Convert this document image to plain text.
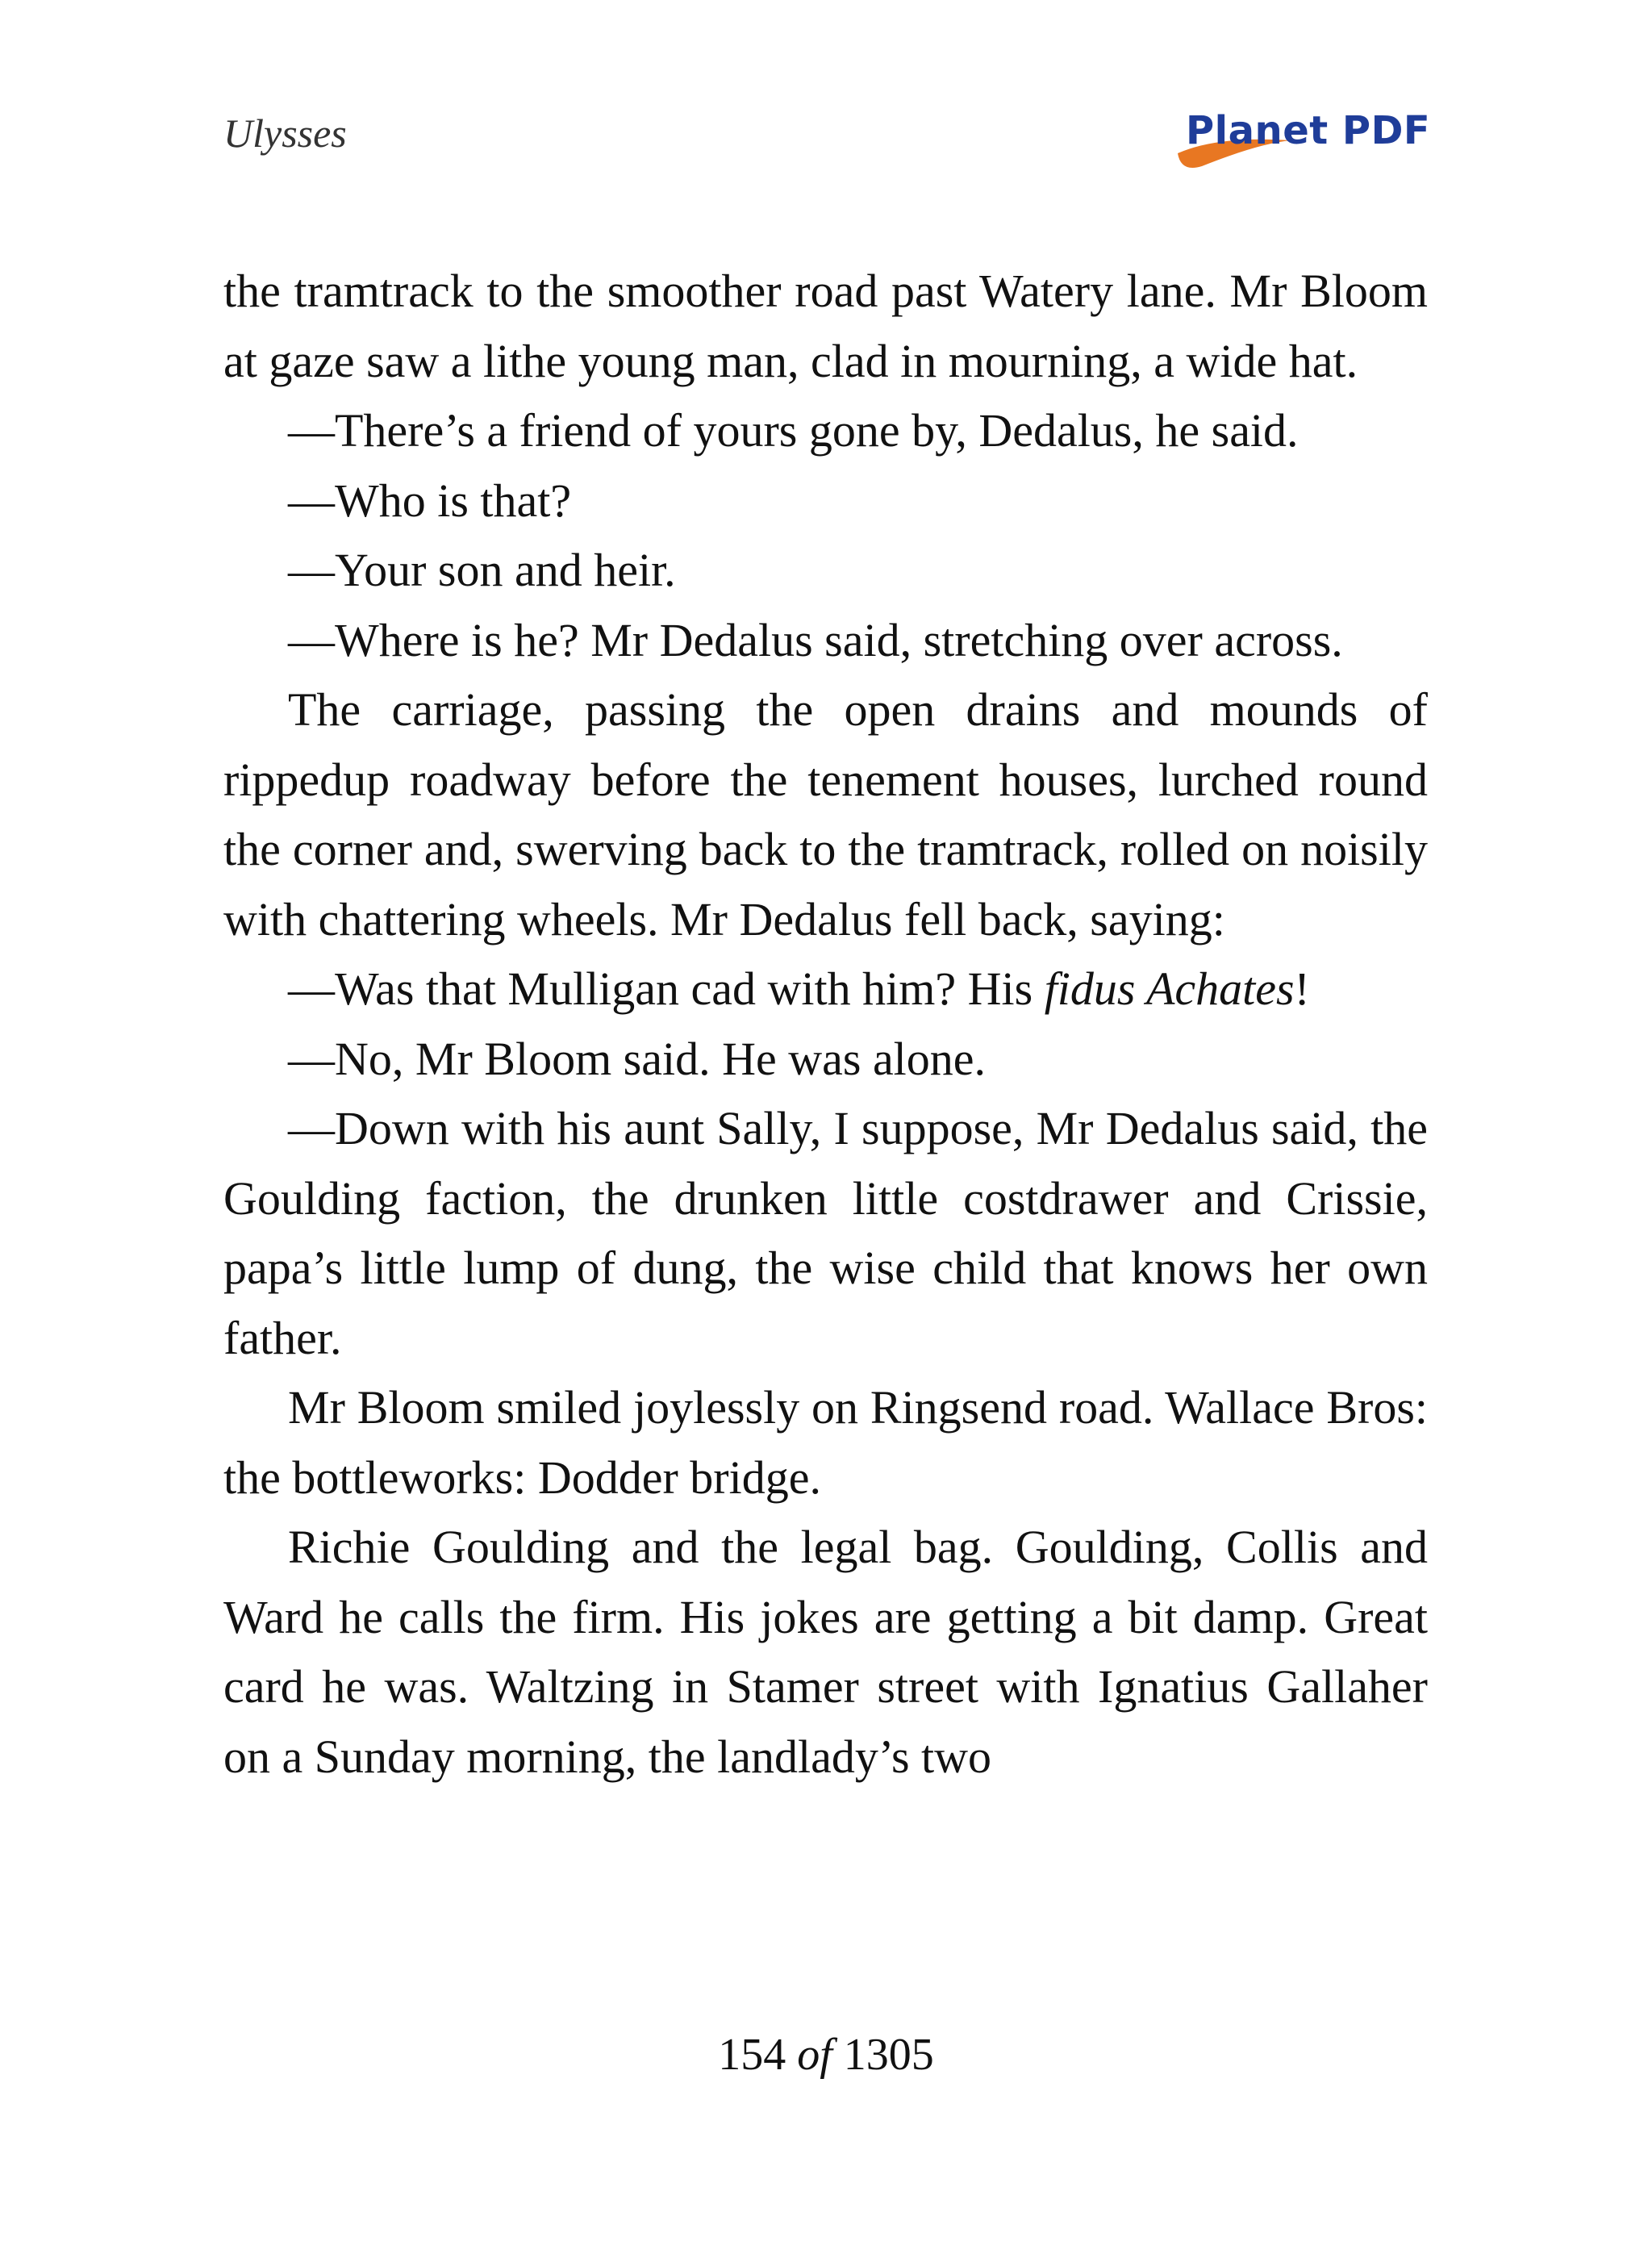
Ulysses	Planet PDF

the tramtrack to the smoother road past Watery lane. Mr Bloom at gaze saw a lithe young man, clad in mourning, a wide hat.

—There’s a friend of yours gone by, Dedalus, he said.

—Who is that?

—Your son and heir.

—Where is he? Mr Dedalus said, stretching over across.

The carriage, passing the open drains and mounds of rippedup roadway before the tenement houses, lurched round the corner and, swerving back to the tramtrack, rolled on noisily with chattering wheels. Mr Dedalus fell back, saying:

—Was that Mulligan cad with him? His fidus Achates!

—No, Mr Bloom said. He was alone.

—Down with his aunt Sally, I suppose, Mr Dedalus said, the Goulding faction, the drunken little costdrawer and Crissie, papa’s little lump of dung, the wise child that knows her own father.

Mr Bloom smiled joylessly on Ringsend road. Wallace Bros: the bottleworks: Dodder bridge.

Richie Goulding and the legal bag. Goulding, Collis and Ward he calls the firm. His jokes are getting a bit damp. Great card he was. Waltzing in Stamer street with Ignatius Gallaher on a Sunday morning, the landlady’s two

154 of 1305
